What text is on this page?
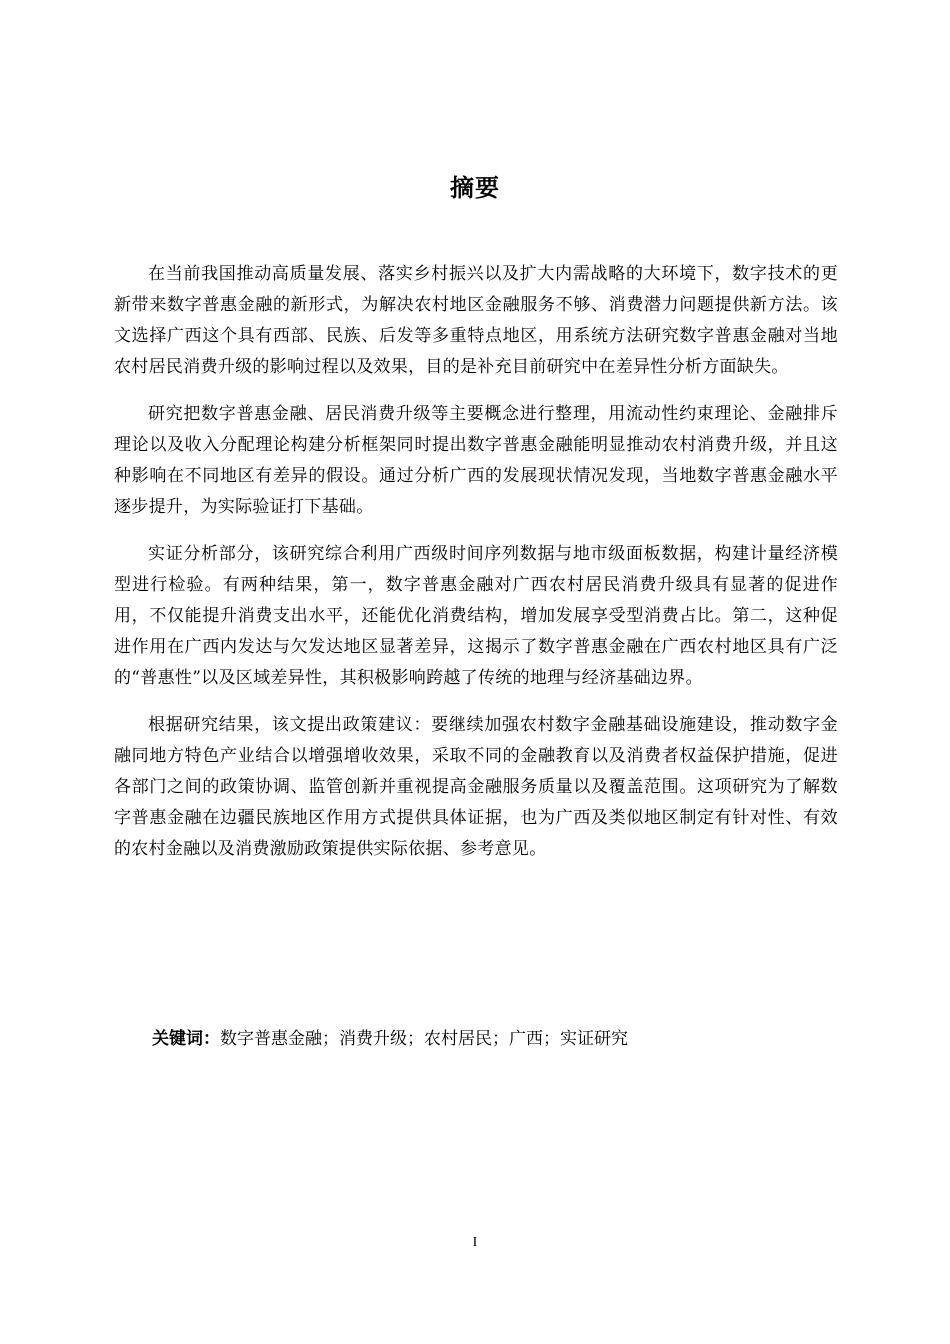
摘要

在当前我国推动高质量发展、落实乡村振兴以及扩大内需战略的大环境下，数字技术的更新带来数字普惠金融的新形式，为解决农村地区金融服务不够、消费潜力问题提供新方法。该文选择广西这个具有西部、民族、后发等多重特点地区，用系统方法研究数字普惠金融对当地农村居民消费升级的影响过程以及效果，目的是补充目前研究中在差异性分析方面缺失。

研究把数字普惠金融、居民消费升级等主要概念进行整理，用流动性约束理论、金融排斥理论以及收入分配理论构建分析框架同时提出数字普惠金融能明显推动农村消费升级，并且这种影响在不同地区有差异的假设。通过分析广西的发展现状情况发现，当地数字普惠金融水平逐步提升，为实际验证打下基础。

实证分析部分，该研究综合利用广西级时间序列数据与地市级面板数据，构建计量经济模型进行检验。有两种结果，第一，数字普惠金融对广西农村居民消费升级具有显著的促进作用，不仅能提升消费支出水平，还能优化消费结构，增加发展享受型消费占比。第二，这种促进作用在广西内发达与欠发达地区显著差异，这揭示了数字普惠金融在广西农村地区具有广泛的“普惠性”以及区域差异性，其积极影响跨越了传统的地理与经济基础边界。

根据研究结果，该文提出政策建议：要继续加强农村数字金融基础设施建设，推动数字金融同地方特色产业结合以增强增收效果，采取不同的金融教育以及消费者权益保护措施，促进各部门之间的政策协调、监管创新并重视提高金融服务质量以及覆盖范围。这项研究为了解数字普惠金融在边疆民族地区作用方式提供具体证据，也为广西及类似地区制定有针对性、有效的农村金融以及消费激励政策提供实际依据、参考意见。

关键词：数字普惠金融；消费升级；农村居民；广西；实证研究
I
